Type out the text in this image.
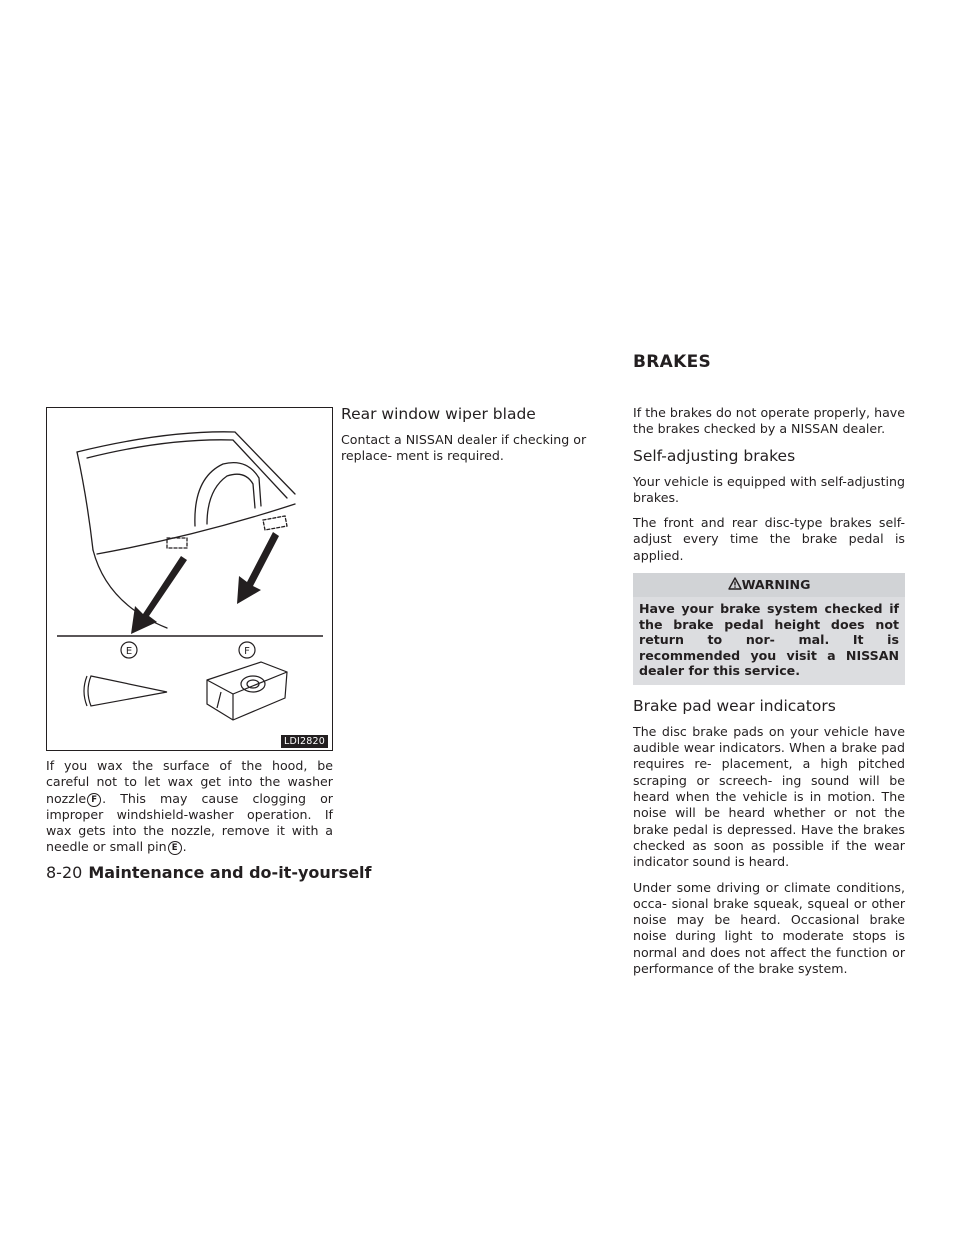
BRAKES
E	F
LDI2820

If you wax the surface of the hood, be careful not to let wax get into the washer nozzle F . This may cause clogging or improper windshield-washer operation. If wax gets into the nozzle, remove it with a needle or small pin E .

Rear window wiper blade

Contact a NISSAN dealer if checking or replace- ment is required.

If the brakes do not operate properly, have the brakes checked by a NISSAN dealer.

Self-adjusting brakes

Your vehicle is equipped with self-adjusting brakes.

The front and rear disc-type brakes self-adjust every time the brake pedal is applied.

WARNING
Have your brake system checked if the brake pedal height does not return to nor- mal. It is recommended you visit a NISSAN dealer for this service.
Brake pad wear indicators

The disc brake pads on your vehicle have audible wear indicators. When a brake pad requires re- placement, a high pitched scraping or screech- ing sound will be heard when the vehicle is in motion. The noise will be heard whether or not the brake pedal is depressed. Have the brakes checked as soon as possible if the wear indicator sound is heard.

Under some driving or climate conditions, occa- sional brake squeak, squeal or other noise may be heard. Occasional brake noise during light to moderate stops is normal and does not affect the function or performance of the brake system.

8-20 Maintenance and do-it-yourself
